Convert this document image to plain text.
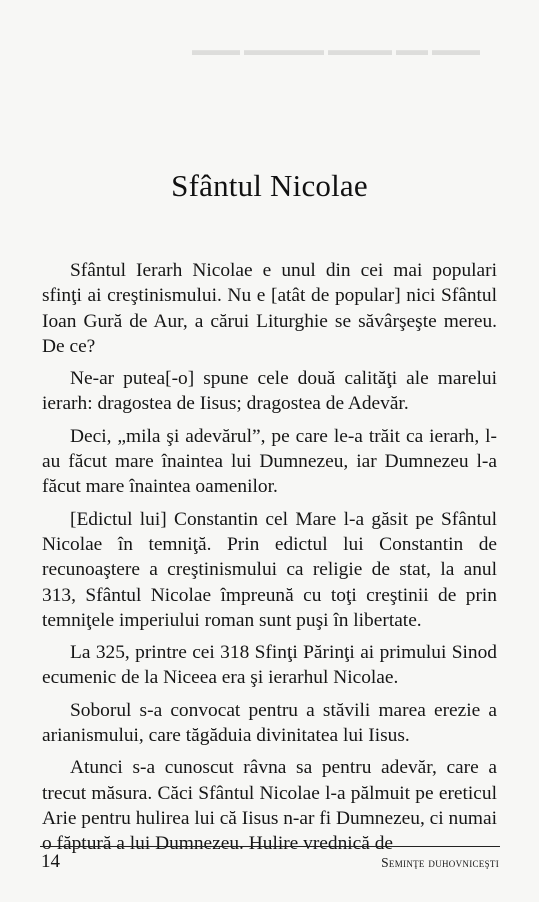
​▬▬▬ ▬▬ ▬▬▬▬ ▬▬▬▬▬ ▬▬▬

Sfântul Nicolae

Sfântul Ierarh Nicolae e unul din cei mai populari sfinţi ai creştinismului. Nu e [atât de popular] nici Sfântul Ioan Gură de Aur, a cărui Liturghie se săvârşeşte mereu. De ce?

Ne-ar putea[-o] spune cele două calităţi ale marelui ierarh: dragostea de Iisus; dragostea de Adevăr.

Deci, „mila şi adevărul”, pe care le-a trăit ca ierarh, l-au făcut mare înaintea lui Dumnezeu, iar Dumnezeu l-a făcut mare înaintea oamenilor.

[Edictul lui] Constantin cel Mare l-a găsit pe Sfântul Nicolae în temniţă. Prin edictul lui Constantin de recunoaştere a creştinismului ca religie de stat, la anul 313, Sfântul Nicolae împreună cu toţi creştinii de prin temniţele imperiului roman sunt puşi în libertate.

La 325, printre cei 318 Sfinţi Părinţi ai primului Sinod ecumenic de la Niceea era şi ierarhul Nicolae.

Soborul s-a convocat pentru a stăvili marea erezie a arianismului, care tăgăduia divinitatea lui Iisus.

Atunci s-a cunoscut râvna sa pentru adevăr, care a trecut măsura. Căci Sfântul Nicolae l-a pălmuit pe ereticul Arie pentru hulirea lui că Iisus n-ar fi Dumnezeu, ci numai o făptură a lui Dumnezeu. Hulire vrednică de

14	Seminţe duhovniceşti
